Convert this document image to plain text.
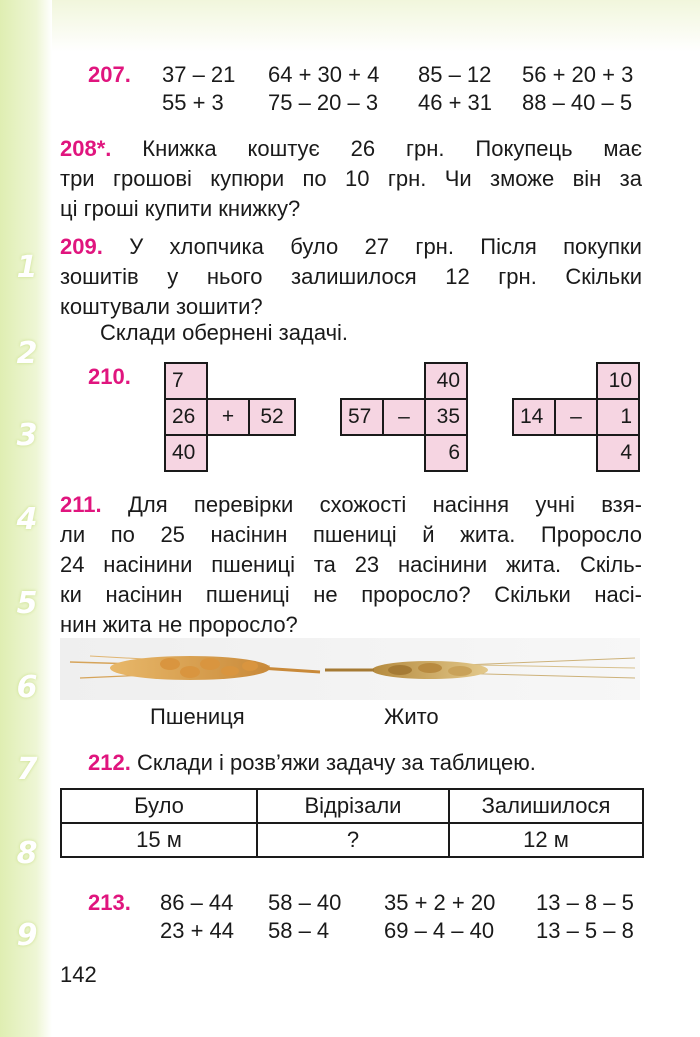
1
2
3
4
5
6
7
8
9
207. 37 – 21 64 + 30 + 4 85 – 12 56 + 20 + 3
55 + 3 75 – 20 – 3 46 + 31 88 – 40 – 5
208*. Книжка коштує 26 грн. Покупець має
три грошові купюри по 10 грн. Чи зможе він за
ці гроші купити книжку?
209. У хлопчика було 27 грн. Після покупки
зошитів у нього залишилося 12 грн. Скільки
коштували зошити?
Склади обернені задачі.
210.	7
26	+	52
40
40
57	–	35
6
10
14	–	1
4
211. Для перевірки схожості насіння учні взя-
ли по 25 насінин пшениці й жита. Проросло
24 насінини пшениці та 23 насінини жита. Скіль-
ки насінин пшениці не проросло? Скільки насі-
нин жита не проросло?
Пшениця	Жито
212. Склади і розв’яжи задачу за таблицею.
Було	Відрізали	Залишилося
15 м	?	12 м
213. 86 – 44 58 – 40 35 + 2 + 20 13 – 8 – 5
23 + 44 58 – 4 69 – 4 – 40 13 – 5 – 8
142
